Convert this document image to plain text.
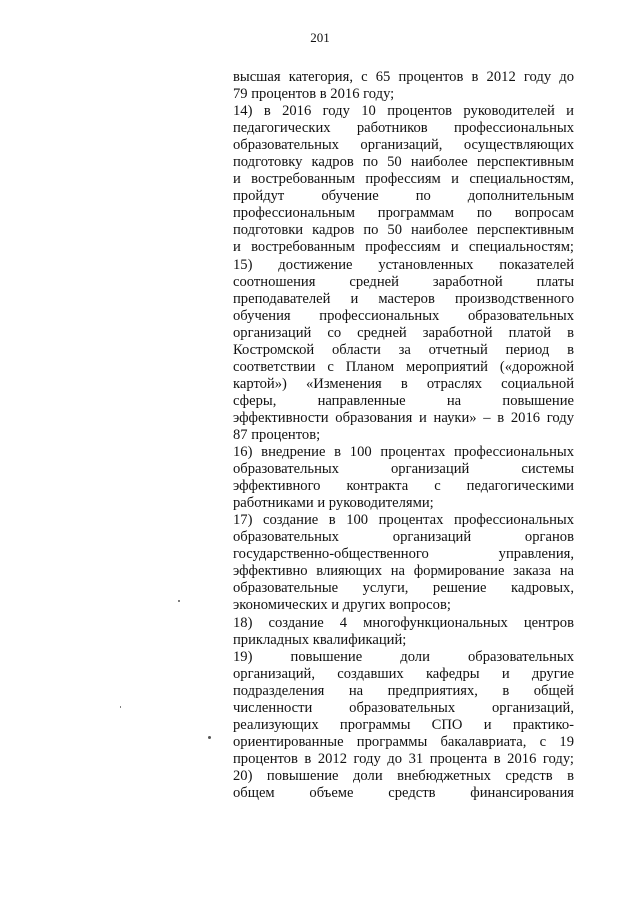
201
высшая категория, с 65 процентов в 2012 году до
79 процентов в 2016 году;
14) в 2016 году 10 процентов руководителей и
педагогических работников профессиональных
образовательных организаций, осуществляющих
подготовку кадров по 50 наиболее перспективным
и востребованным профессиям и специальностям,
пройдут обучение по дополнительным
профессиональным программам по вопросам
подготовки кадров по 50 наиболее перспективным
и востребованным профессиям и специальностям;
15) достижение установленных показателей
соотношения средней заработной платы
преподавателей и мастеров производственного
обучения профессиональных образовательных
организаций со средней заработной платой в
Костромской области за отчетный период в
соответствии с Планом мероприятий («дорожной
картой») «Изменения в отраслях социальной
сферы, направленные на повышение
эффективности образования и науки» – в 2016 году
87 процентов;
16) внедрение в 100 процентах профессиональных
образовательных организаций системы
эффективного контракта с педагогическими
работниками и руководителями;
17) создание в 100 процентах профессиональных
образовательных организаций органов
государственно-общественного управления,
эффективно влияющих на формирование заказа на
образовательные услуги, решение кадровых,
экономических и других вопросов;
18) создание 4 многофункциональных центров
прикладных квалификаций;
19) повышение доли образовательных
организаций, создавших кафедры и другие
подразделения на предприятиях, в общей
численности образовательных организаций,
реализующих программы СПО и практико-
ориентированные программы бакалавриата, с 19
процентов в 2012 году до 31 процента в 2016 году;
20) повышение доли внебюджетных средств в
общем объеме средств финансирования
